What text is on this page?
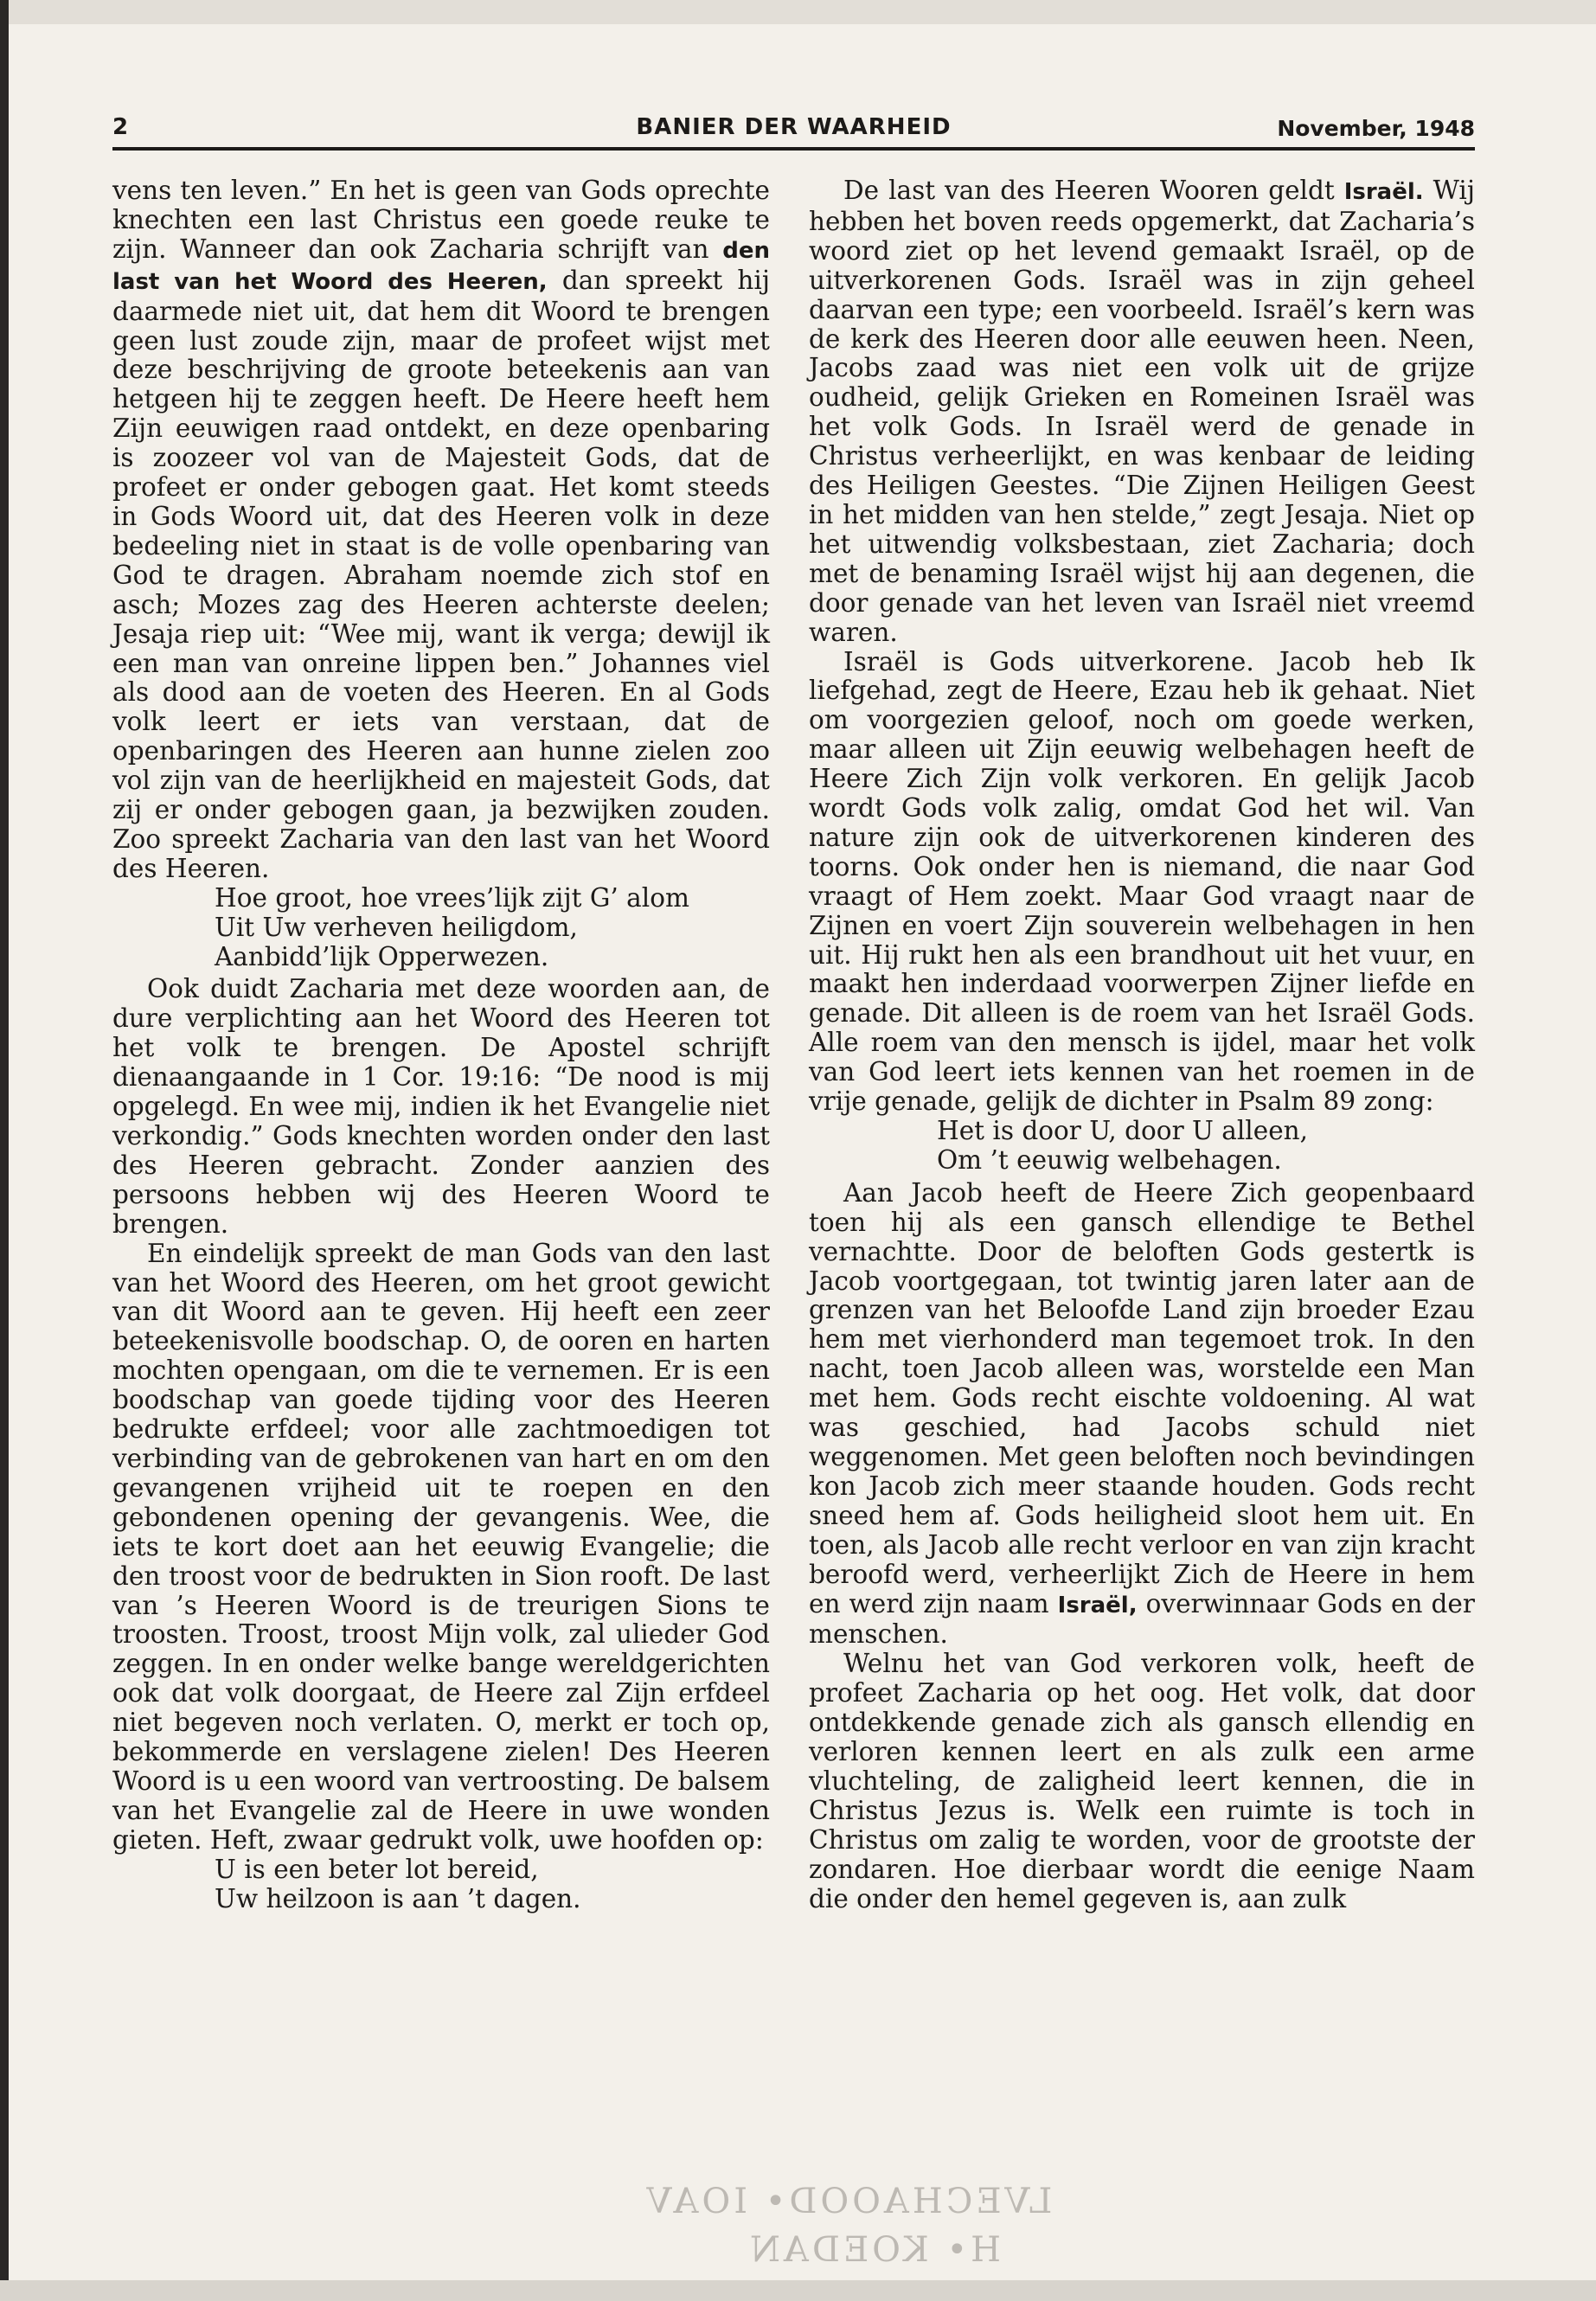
2	BANIER DER WAARHEID	November, 1948

vens ten leven.” En het is geen van Gods oprechte knechten een last Christus een goede reuke te zijn. Wanneer dan ook Zacharia schrijft van den last van het Woord des Heeren, dan spreekt hij daarmede niet uit, dat hem dit Woord te brengen geen lust zoude zijn, maar de profeet wijst met deze beschrijving de groote beteekenis aan van hetgeen hij te zeggen heeft. De Heere heeft hem Zijn eeuwigen raad ontdekt, en deze openbaring is zoozeer vol van de Majesteit Gods, dat de profeet er onder gebogen gaat. Het komt steeds in Gods Woord uit, dat des Heeren volk in deze bedeeling niet in staat is de volle openbaring van God te dragen. Abraham noemde zich stof en asch; Mozes zag des Heeren achterste deelen; Jesaja riep uit: “Wee mij, want ik verga; dewijl ik een man van onreine lippen ben.” Johannes viel als dood aan de voeten des Heeren. En al Gods volk leert er iets van verstaan, dat de openbaringen des Heeren aan hunne zielen zoo vol zijn van de heerlijkheid en majesteit Gods, dat zij er onder gebogen gaan, ja bezwijken zouden. Zoo spreekt Zacharia van den last van het Woord des Heeren.

Hoe groot, hoe vrees’lijk zijt G’ alom
Uit Uw verheven heiligdom,
Aanbidd’lijk Opperwezen.

Ook duidt Zacharia met deze woorden aan, de dure verplichting aan het Woord des Heeren tot het volk te brengen. De Apostel schrijft dienaangaande in 1 Cor. 19:16: “De nood is mij opgelegd. En wee mij, indien ik het Evangelie niet verkondig.” Gods knechten worden onder den last des Heeren gebracht. Zonder aanzien des persoons hebben wij des Heeren Woord te brengen.

En eindelijk spreekt de man Gods van den last van het Woord des Heeren, om het groot gewicht van dit Woord aan te geven. Hij heeft een zeer beteekenisvolle boodschap. O, de ooren en harten mochten opengaan, om die te vernemen. Er is een boodschap van goede tijding voor des Heeren bedrukte erfdeel; voor alle zachtmoedigen tot verbinding van de gebrokenen van hart en om den gevangenen vrijheid uit te roepen en den gebondenen opening der gevangenis. Wee, die iets te kort doet aan het eeuwig Evangelie; die den troost voor de bedrukten in Sion rooft. De last van ’s Heeren Woord is de treurigen Sions te troosten. Troost, troost Mijn volk, zal ulieder God zeggen. In en onder welke bange wereldgerichten ook dat volk doorgaat, de Heere zal Zijn erfdeel niet begeven noch verlaten. O, merkt er toch op, bekommerde en verslagene zielen! Des Heeren Woord is u een woord van vertroosting. De balsem van het Evangelie zal de Heere in uwe wonden gieten. Heft, zwaar gedrukt volk, uwe hoofden op:

U is een beter lot bereid,
Uw heilzoon is aan ’t dagen.

De last van des Heeren Wooren geldt Israël. Wij hebben het boven reeds opgemerkt, dat Zacharia’s woord ziet op het levend gemaakt Israël, op de uitverkorenen Gods. Israël was in zijn geheel daarvan een type; een voorbeeld. Israël’s kern was de kerk des Heeren door alle eeuwen heen. Neen, Jacobs zaad was niet een volk uit de grijze oudheid, gelijk Grieken en Romeinen Israël was het volk Gods. In Israël werd de genade in Christus verheerlijkt, en was kenbaar de leiding des Heiligen Geestes. “Die Zijnen Heiligen Geest in het midden van hen stelde,” zegt Jesaja. Niet op het uitwendig volksbestaan, ziet Zacharia; doch met de benaming Israël wijst hij aan degenen, die door genade van het leven van Israël niet vreemd waren.

Israël is Gods uitverkorene. Jacob heb Ik liefgehad, zegt de Heere, Ezau heb ik gehaat. Niet om voorgezien geloof, noch om goede werken, maar alleen uit Zijn eeuwig welbehagen heeft de Heere Zich Zijn volk verkoren. En gelijk Jacob wordt Gods volk zalig, omdat God het wil. Van nature zijn ook de uitverkorenen kinderen des toorns. Ook onder hen is niemand, die naar God vraagt of Hem zoekt. Maar God vraagt naar de Zijnen en voert Zijn souverein welbehagen in hen uit. Hij rukt hen als een brandhout uit het vuur, en maakt hen inderdaad voorwerpen Zijner liefde en genade. Dit alleen is de roem van het Israël Gods. Alle roem van den mensch is ijdel, maar het volk van God leert iets kennen van het roemen in de vrije genade, gelijk de dichter in Psalm 89 zong:

Het is door U, door U alleen,
Om ’t eeuwig welbehagen.

Aan Jacob heeft de Heere Zich geopenbaard toen hij als een gansch ellendige te Bethel vernachtte. Door de beloften Gods gestertk is Jacob voortgegaan, tot twintig jaren later aan de grenzen van het Beloofde Land zijn broeder Ezau hem met vierhonderd man tegemoet trok. In den nacht, toen Jacob alleen was, worstelde een Man met hem. Gods recht eischte voldoening. Al wat was geschied, had Jacobs schuld niet weggenomen. Met geen beloften noch bevindingen kon Jacob zich meer staande houden. Gods recht sneed hem af. Gods heiligheid sloot hem uit. En toen, als Jacob alle recht verloor en van zijn kracht beroofd werd, verheerlijkt Zich de Heere in hem en werd zijn naam Israël, overwinnaar Gods en der menschen.

Welnu het van God verkoren volk, heeft de profeet Zacharia op het oog. Het volk, dat door ontdekkende genade zich als gansch ellendig en verloren kennen leert en als zulk een arme vluchteling, de zaligheid leert kennen, die in Christus Jezus is. Welk een ruimte is toch in Christus om zalig te worden, voor de grootste der zondaren. Hoe dierbaar wordt die eenige Naam die onder den hemel gegeven is, aan zulk

LVECHAOOD• IOAV
H• KOEDAN
